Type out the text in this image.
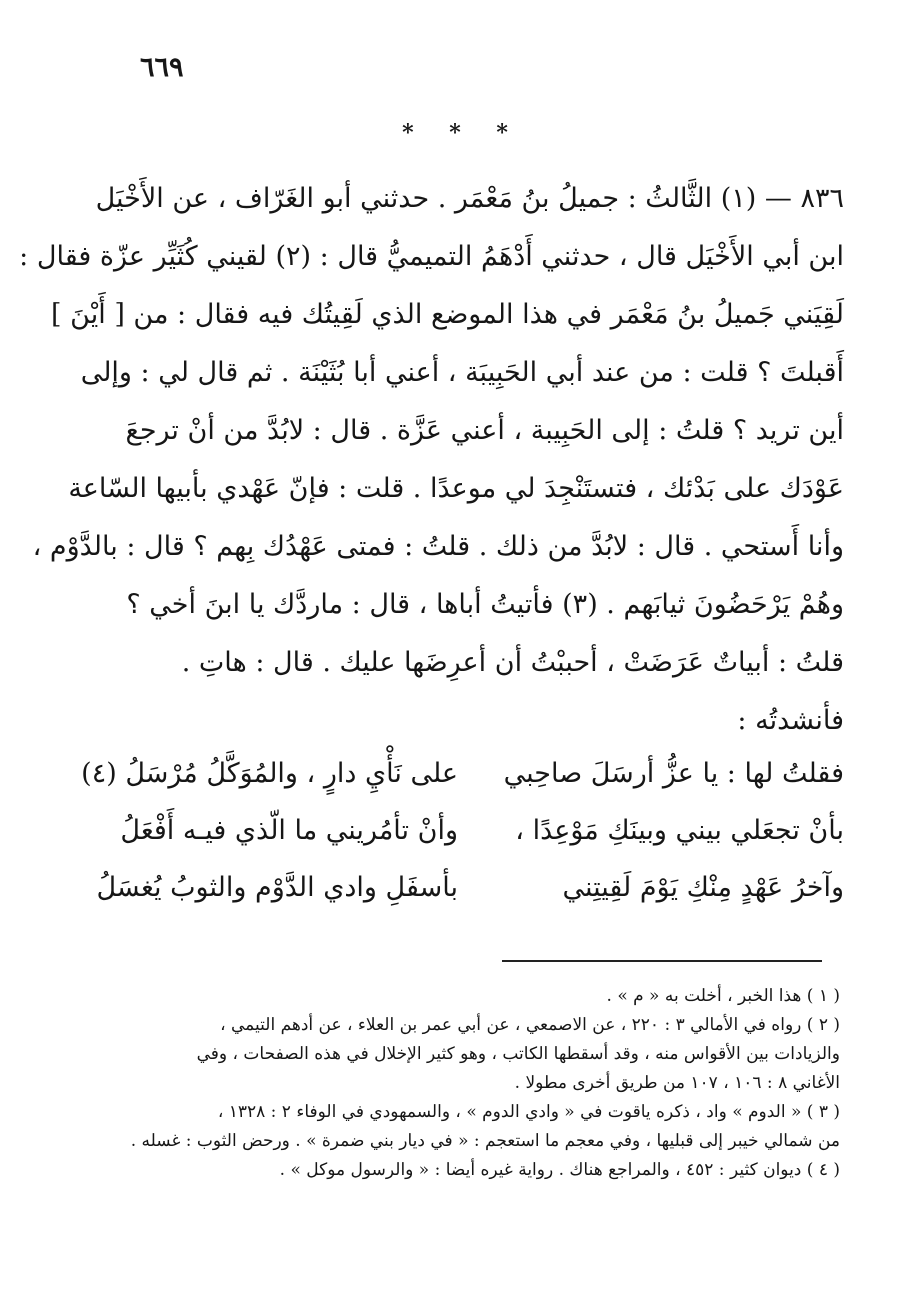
٦٦٩
* * *
٨٣٦ — (١) الثَّالثُ : جميلُ بنُ مَعْمَر . حدثني أبو الغَرّاف ، عن الأَخْيَل
ابن أبي الأَخْيَل قال ، حدثني أَدْهَمُ التميميُّ قال : (٢) لقيني كُثَيِّر عزّة فقال :
لَقِيَني جَميلُ بنُ مَعْمَر في هذا الموضع الذي لَقِيتُك فيه فقال : من [ أَيْنَ ]
أَقبلتَ ؟ قلت : من عند أبي الحَبِيبَة ، أعني أبا بُثَيْنَة . ثم قال لي : وإلى
أين تريد ؟ قلتُ : إلى الحَبِيبة ، أعني عَزَّة . قال : لابُدَّ من أنْ ترجعَ
عَوْدَك على بَدْئك ، فتستَنْجِدَ لي موعدًا . قلت : فإنّ عَهْدي بأبيها السّاعة
وأنا أَستحي . قال : لابُدَّ من ذلك . قلتُ : فمتى عَهْدُك بِهم ؟ قال : بالدَّوْم ،
وهُمْ يَرْحَضُونَ ثيابَهم . (٣) فأتيتُ أباها ، قال : ماردَّك يا ابنَ أخي ؟
قلتُ : أبياتٌ عَرَضَتْ ، أحببْتُ أن أعرِضَها عليك . قال : هاتِ .
فأنشدتُه :
فقلتُ لها : يا عزُّ أرسَلَ صاحِبي
على نَأْيِ دارٍ ، والمُوَكَّلُ مُرْسَلُ (٤)
بأنْ تجعَلي بيني وبينَكِ مَوْعِدًا ،
وأنْ تأمُريني ما الّذي فيـه أَفْعَلُ
وآخرُ عَهْدٍ مِنْكِ يَوْمَ لَقِيتِني
بأسفَلِ وادي الدَّوْم والثوبُ يُغسَلُ
( ١ ) هذا الخبر ، أخلت به « م » .
( ٢ ) رواه في الأمالي ٣ : ٢٢٠ ، عن الاصمعي ، عن أبي عمر بن العلاء ، عن أدهم التيمي ،
والزيادات بين الأقواس منه ، وقد أسقطها الكاتب ، وهو كثير الإخلال في هذه الصفحات ، وفي
الأغاني ٨ : ١٠٦ ، ١٠٧ من طريق أخرى مطولا .
( ٣ ) « الدوم » واد ، ذكره ياقوت في « وادي الدوم » ، والسمهودي في الوفاء ٢ : ١٣٢٨ ،
من شمالي خيبر إلى قبليها ، وفي معجم ما استعجم : « في ديار بني ضمرة » . ورحض الثوب : غسله .
( ٤ ) ديوان كثير : ٤٥٢ ، والمراجع هناك . رواية غيره أيضا : « والرسول موكل » .
